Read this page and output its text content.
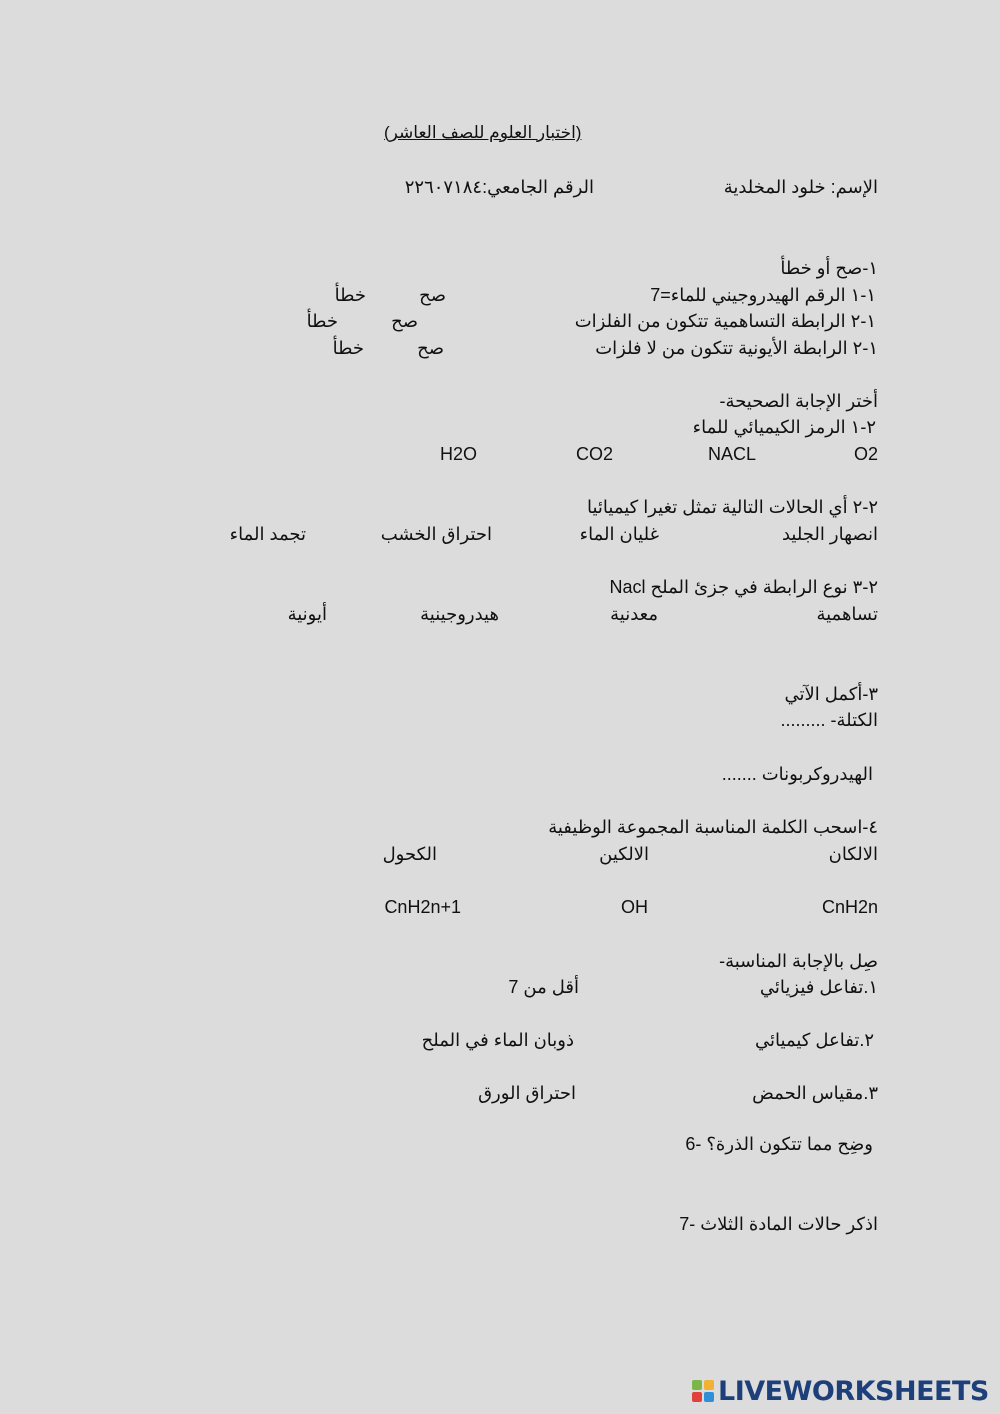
(اختبار العلوم للصف العاشر)
الإسم: خلود المخلدية
الرقم الجامعي:٢٢٦٠٧١٨٤
١-صح أو خطأ
١-١ الرقم الهيدروجيني للماء=7
صح
خطأ
١-٢ الرابطة التساهمية تتكون من الفلزات
صح
خطأ
١-٢ الرابطة الأيونية تتكون من لا فلزات
صح
خطأ
أختر الإجابة الصحيحة-
٢-١ الرمز الكيميائي للماء
O2
NACL
CO2
H2O
٢-٢ أي الحالات التالية تمثل تغيرا كيميائيا
انصهار الجليد
غليان الماء
احتراق الخشب
تجمد الماء
٢-٣ نوع الرابطة في جزئ الملح Nacl
تساهمية
معدنية
هيدروجينية
أيونية
٣-أكمل الآتي
الكتلة- .........
الهيدروكربونات .......
٤-اسحب الكلمة المناسبة المجموعة الوظيفية
الالكان
الالكين
الكحول
CnH2n
OH
CnH2n+1
صِل بالإجابة المناسبة-
١.تفاعل فيزيائي
أقل من 7
٢.تفاعل كيميائي
ذوبان الماء في الملح
٣.مقياس الحمض
احتراق الورق
وضِح مما تتكون الذرة؟ -6
اذكر حالات المادة الثلاث -7
LIVEWORKSHEETS
